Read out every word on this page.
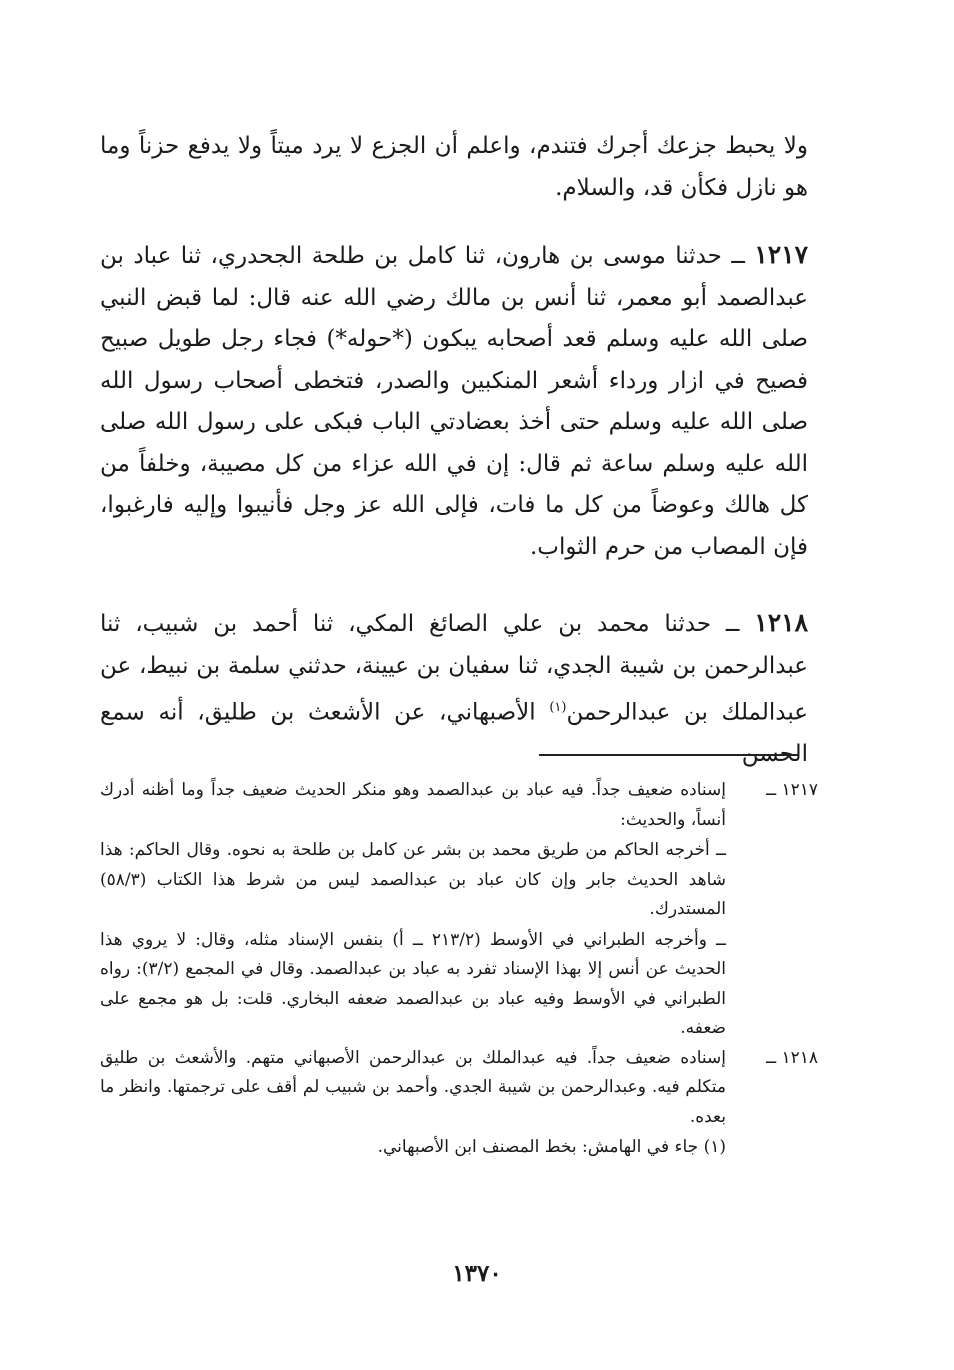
ولا يحبط جزعك أجرك فتندم، واعلم أن الجزع لا يرد ميتاً ولا يدفع حزناً وما هو نازل فكأن قد، والسلام.

١٢١٧ ــ حدثنا موسى بن هارون، ثنا كامل بن طلحة الجحدري، ثنا عباد بن عبدالصمد أبو معمر، ثنا أنس بن مالك رضي الله عنه قال: لما قبض النبي صلى الله عليه وسلم قعد أصحابه يبكون (*حوله*) فجاء رجل طويل صبيح فصيح في ازار ورداء أشعر المنكبين والصدر، فتخطى أصحاب رسول الله صلى الله عليه وسلم حتى أخذ بعضادتي الباب فبكى على رسول الله صلى الله عليه وسلم ساعة ثم قال: إن في الله عزاء من كل مصيبة، وخلفاً من كل هالك وعوضاً من كل ما فات، فإلى الله عز وجل فأنيبوا وإليه فارغبوا، فإن المصاب من حرم الثواب.

١٢١٨ ــ حدثنا محمد بن علي الصائغ المكي، ثنا أحمد بن شبيب، ثنا عبدالرحمن بن شيبة الجدي، ثنا سفيان بن عيينة، حدثني سلمة بن نبيط، عن عبدالملك بن عبدالرحمن$^{(١)}$ الأصبهاني، عن الأشعث بن طليق، أنه سمع الحسن

١٢١٧ ــ

إسناده ضعيف جداً. فيه عباد بن عبدالصمد وهو منكر الحديث ضعيف جداً وما أظنه أدرك أنساً، والحديث:

ــ أخرجه الحاكم من طريق محمد بن بشر عن كامل بن طلحة به نحوه. وقال الحاكم: هذا شاهد الحديث جابر وإن كان عباد بن عبدالصمد ليس من شرط هذا الكتاب (٥٨/٣) المستدرك.

ــ وأخرجه الطبراني في الأوسط (٢١٣/٢ ــ أ) بنفس الإسناد مثله، وقال: لا يروي هذا الحديث عن أنس إلا بهذا الإسناد تفرد به عباد بن عبدالصمد. وقال في المجمع (٣/٢): رواه الطبراني في الأوسط وفيه عباد بن عبدالصمد ضعفه البخاري. قلت: بل هو مجمع على ضعفه.

١٢١٨ ــ

إسناده ضعيف جداً. فيه عبدالملك بن عبدالرحمن الأصبهاني متهم. والأشعث بن طليق متكلم فيه. وعبدالرحمن بن شيبة الجدي. وأحمد بن شبيب لم أقف على ترجمتها. وانظر ما بعده.

(١) جاء في الهامش: بخط المصنف ابن الأصبهاني.

١٣٧٠
